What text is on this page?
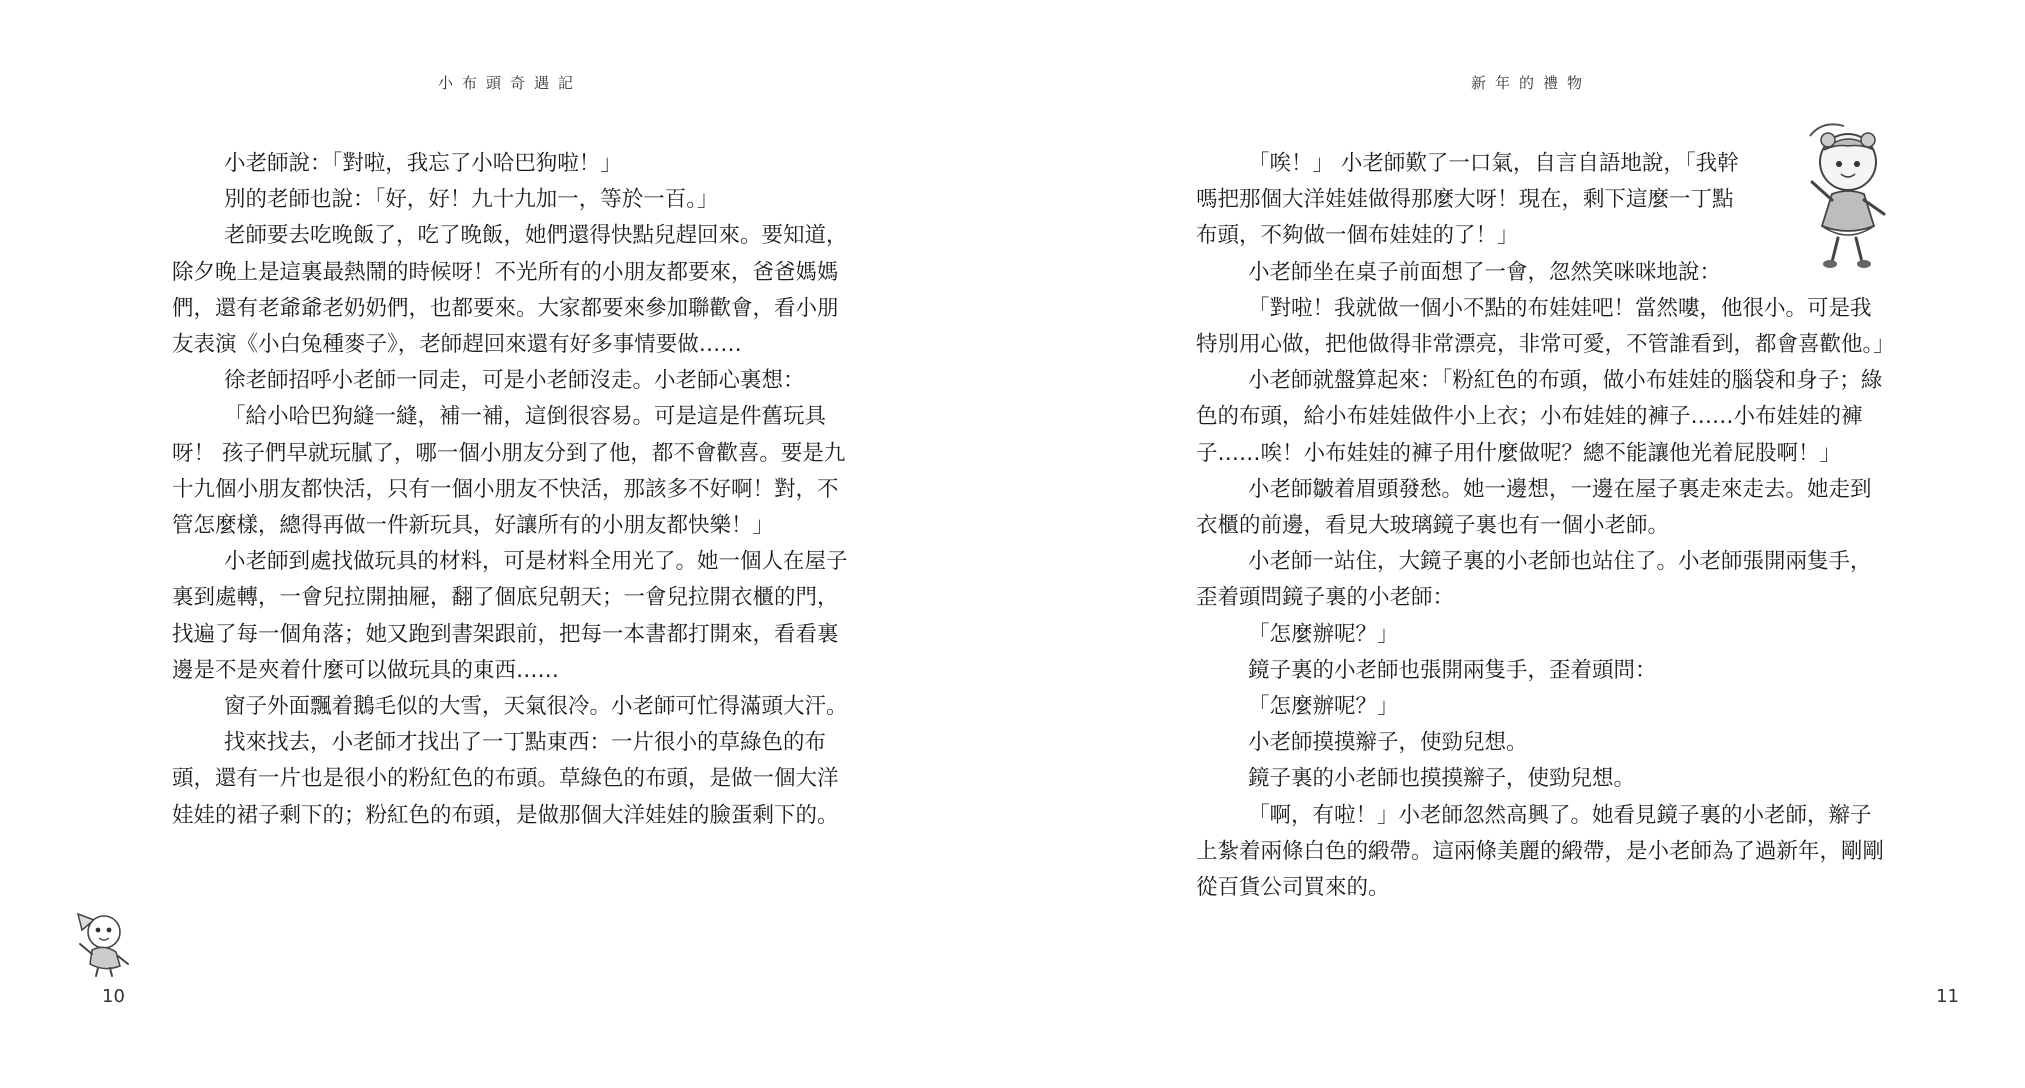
小布頭奇遇記

小老師說：「對啦，我忘了小哈巴狗啦！」

別的老師也說：「好，好！九十九加一，等於一百。」

老師要去吃晚飯了，吃了晚飯，她們還得快點兒趕回來。要知道，除夕晚上是這裏最熱鬧的時候呀！不光所有的小朋友都要來，爸爸媽媽們，還有老爺爺老奶奶們，也都要來。大家都要來參加聯歡會，看小朋友表演《小白兔種麥子》，老師趕回來還有好多事情要做……

徐老師招呼小老師一同走，可是小老師沒走。小老師心裏想：

「給小哈巴狗縫一縫，補一補，這倒很容易。可是這是件舊玩具呀！ 孩子們早就玩膩了，哪一個小朋友分到了他，都不會歡喜。要是九十九個小朋友都快活，只有一個小朋友不快活，那該多不好啊！對，不管怎麼樣，總得再做一件新玩具，好讓所有的小朋友都快樂！」

小老師到處找做玩具的材料，可是材料全用光了。她一個人在屋子裏到處轉，一會兒拉開抽屜，翻了個底兒朝天；一會兒拉開衣櫃的門，找遍了每一個角落；她又跑到書架跟前，把每一本書都打開來，看看裏邊是不是夾着什麼可以做玩具的東西……

窗子外面飄着鵝毛似的大雪，天氣很冷。小老師可忙得滿頭大汗。

找來找去，小老師才找出了一丁點東西：一片很小的草綠色的布頭，還有一片也是很小的粉紅色的布頭。草綠色的布頭，是做一個大洋娃娃的裙子剩下的；粉紅色的布頭，是做那個大洋娃娃的臉蛋剩下的。

10
新年的禮物

「唉！」 小老師歎了一口氣，自言自語地說，「我幹嗎把那個大洋娃娃做得那麼大呀！現在，剩下這麼一丁點布頭，不夠做一個布娃娃的了！」

小老師坐在桌子前面想了一會，忽然笑咪咪地說：

「對啦！我就做一個小不點的布娃娃吧！當然嘍，他很小。可是我特別用心做，把他做得非常漂亮，非常可愛，不管誰看到，都會喜歡他。」

小老師就盤算起來：「粉紅色的布頭，做小布娃娃的腦袋和身子；綠色的布頭，給小布娃娃做件小上衣；小布娃娃的褲子……小布娃娃的褲子……唉！小布娃娃的褲子用什麼做呢？總不能讓他光着屁股啊！」

小老師皺着眉頭發愁。她一邊想，一邊在屋子裏走來走去。她走到衣櫃的前邊，看見大玻璃鏡子裏也有一個小老師。

小老師一站住，大鏡子裏的小老師也站住了。小老師張開兩隻手，歪着頭問鏡子裏的小老師：

「怎麼辦呢？」

鏡子裏的小老師也張開兩隻手，歪着頭問：

「怎麼辦呢？」

小老師摸摸辮子，使勁兒想。

鏡子裏的小老師也摸摸辮子，使勁兒想。

「啊，有啦！」小老師忽然高興了。她看見鏡子裏的小老師，辮子上紮着兩條白色的緞帶。這兩條美麗的緞帶，是小老師為了過新年，剛剛從百貨公司買來的。

11
